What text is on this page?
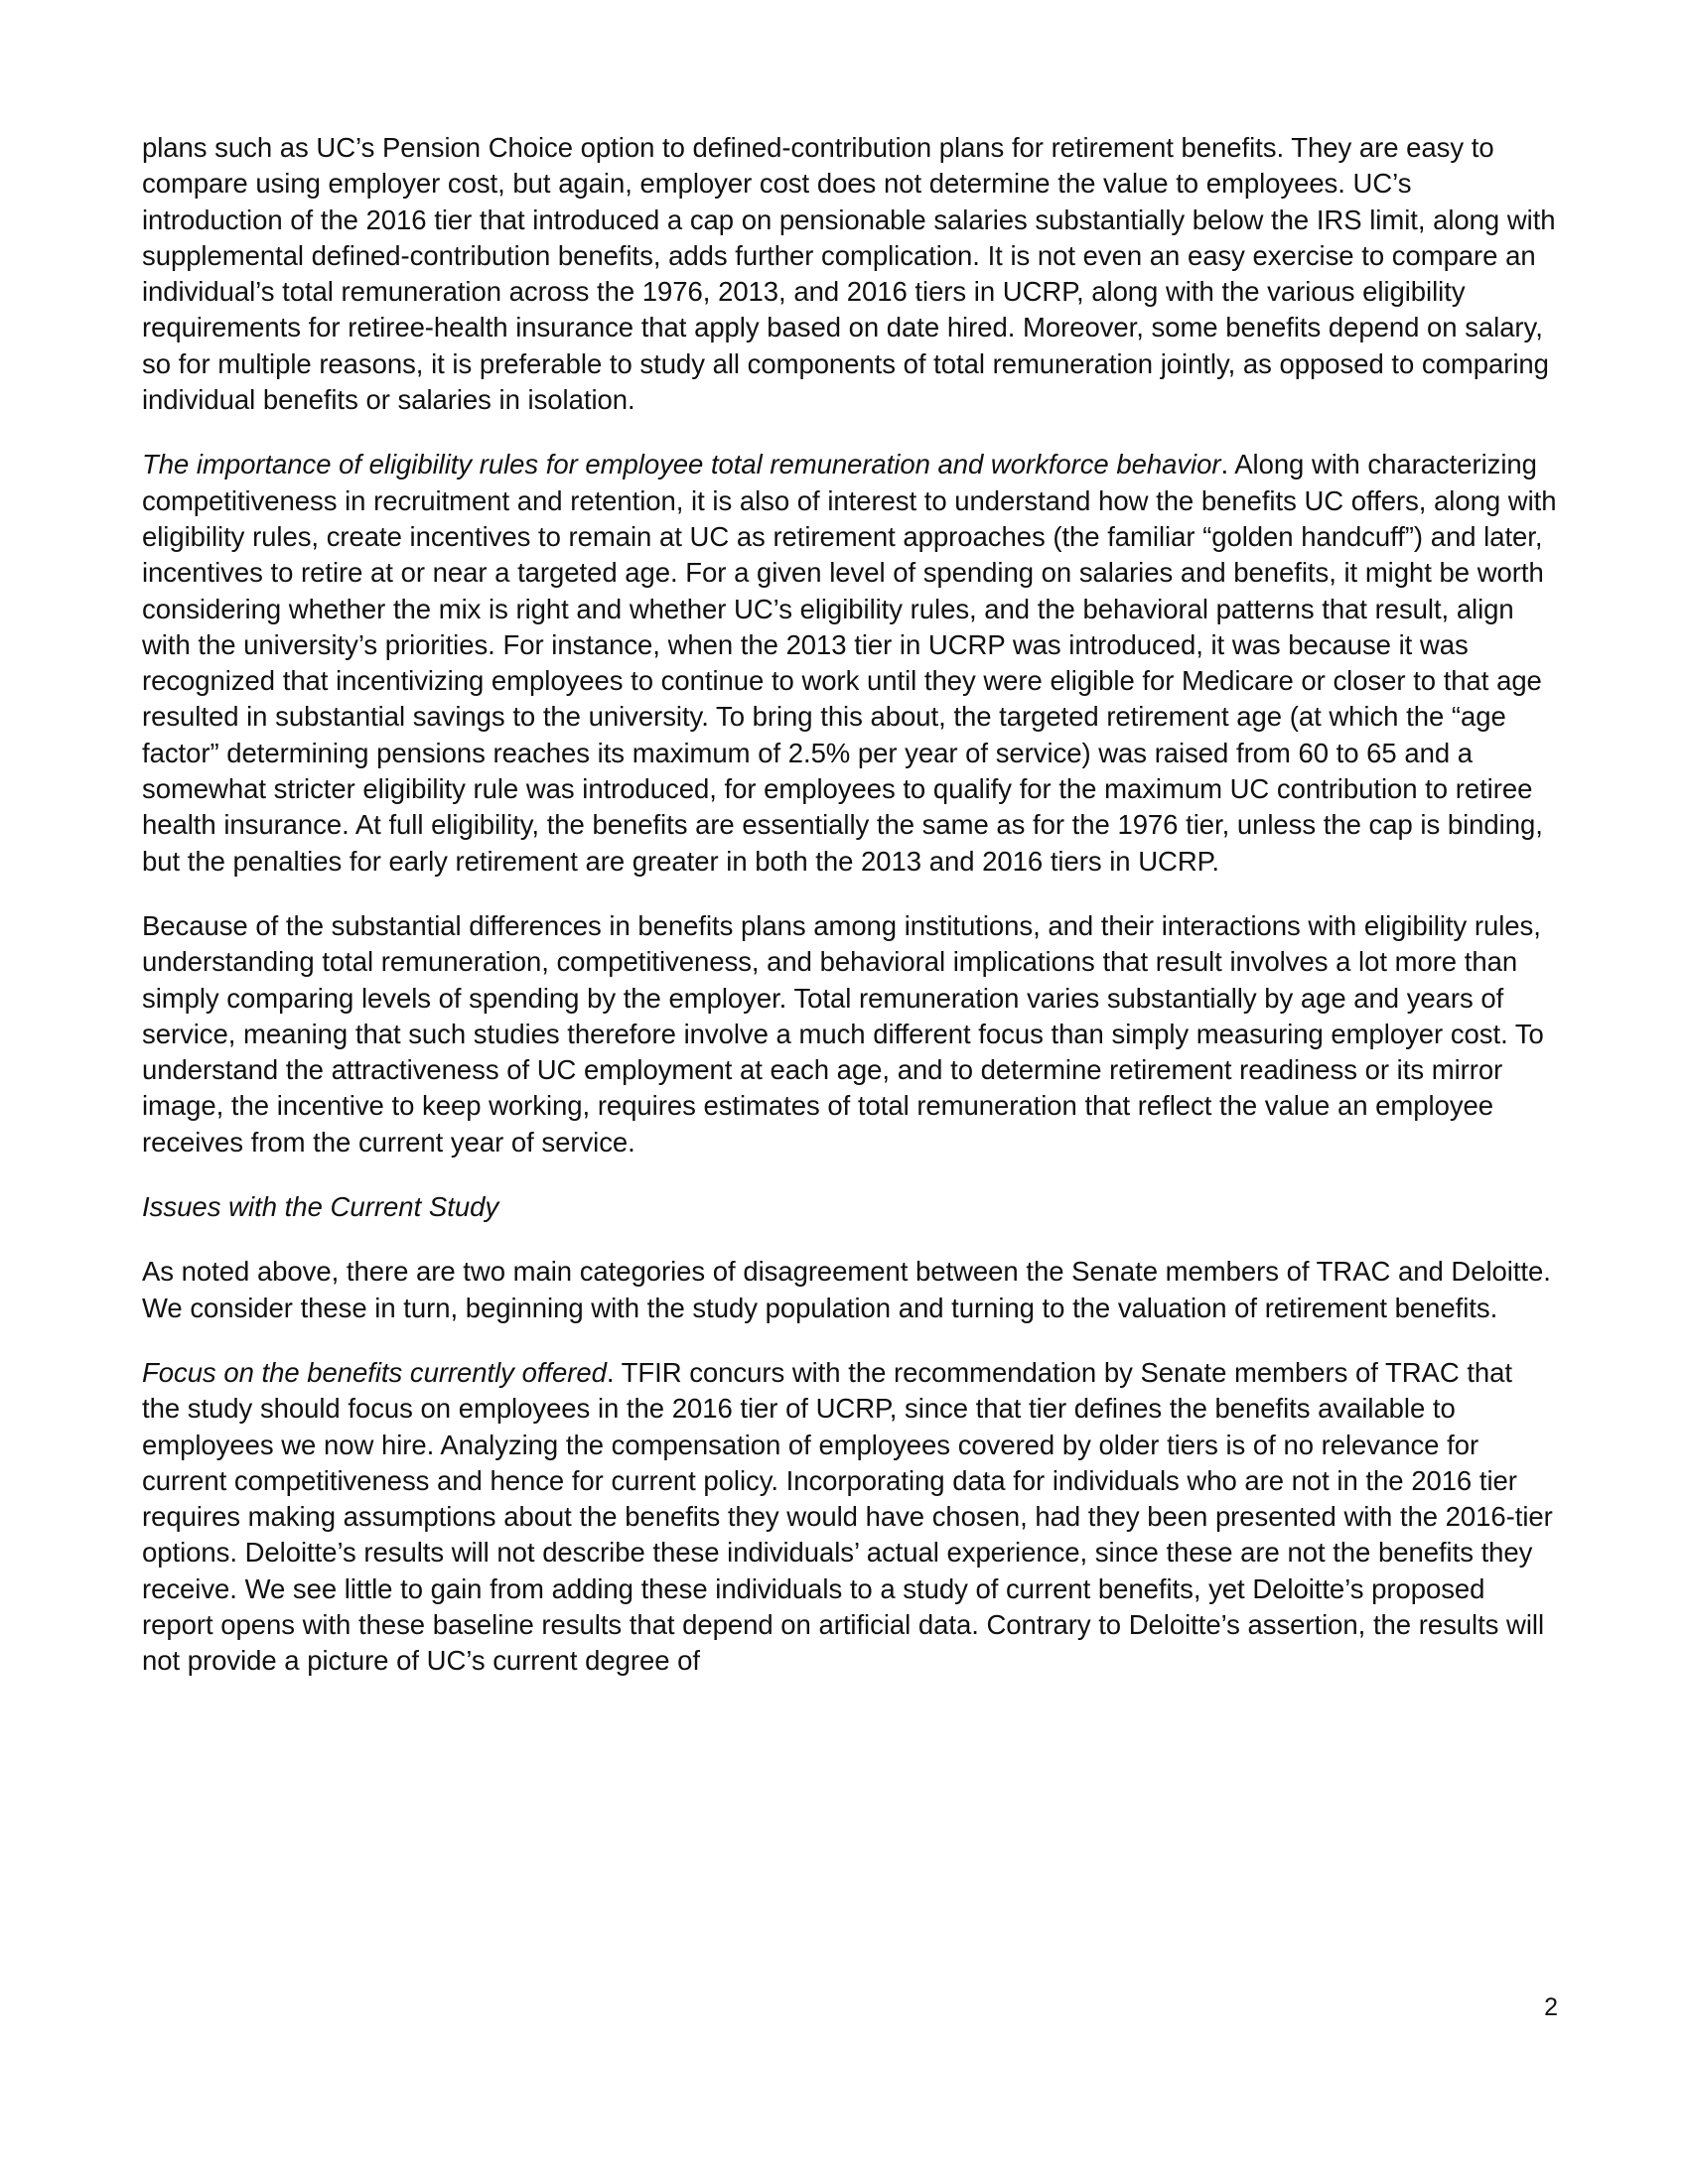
plans such as UC’s Pension Choice option to defined-contribution plans for retirement benefits. They are easy to compare using employer cost, but again, employer cost does not determine the value to employees. UC’s introduction of the 2016 tier that introduced a cap on pensionable salaries substantially below the IRS limit, along with supplemental defined-contribution benefits, adds further complication. It is not even an easy exercise to compare an individual’s total remuneration across the 1976, 2013, and 2016 tiers in UCRP, along with the various eligibility requirements for retiree-health insurance that apply based on date hired. Moreover, some benefits depend on salary, so for multiple reasons, it is preferable to study all components of total remuneration jointly, as opposed to comparing individual benefits or salaries in isolation.

The importance of eligibility rules for employee total remuneration and workforce behavior. Along with characterizing competitiveness in recruitment and retention, it is also of interest to understand how the benefits UC offers, along with eligibility rules, create incentives to remain at UC as retirement approaches (the familiar “golden handcuff”) and later, incentives to retire at or near a targeted age. For a given level of spending on salaries and benefits, it might be worth considering whether the mix is right and whether UC’s eligibility rules, and the behavioral patterns that result, align with the university’s priorities. For instance, when the 2013 tier in UCRP was introduced, it was because it was recognized that incentivizing employees to continue to work until they were eligible for Medicare or closer to that age resulted in substantial savings to the university. To bring this about, the targeted retirement age (at which the “age factor” determining pensions reaches its maximum of 2.5% per year of service) was raised from 60 to 65 and a somewhat stricter eligibility rule was introduced, for employees to qualify for the maximum UC contribution to retiree health insurance. At full eligibility, the benefits are essentially the same as for the 1976 tier, unless the cap is binding, but the penalties for early retirement are greater in both the 2013 and 2016 tiers in UCRP.

Because of the substantial differences in benefits plans among institutions, and their interactions with eligibility rules, understanding total remuneration, competitiveness, and behavioral implications that result involves a lot more than simply comparing levels of spending by the employer. Total remuneration varies substantially by age and years of service, meaning that such studies therefore involve a much different focus than simply measuring employer cost. To understand the attractiveness of UC employment at each age, and to determine retirement readiness or its mirror image, the incentive to keep working, requires estimates of total remuneration that reflect the value an employee receives from the current year of service.

Issues with the Current Study

As noted above, there are two main categories of disagreement between the Senate members of TRAC and Deloitte. We consider these in turn, beginning with the study population and turning to the valuation of retirement benefits.

Focus on the benefits currently offered. TFIR concurs with the recommendation by Senate members of TRAC that the study should focus on employees in the 2016 tier of UCRP, since that tier defines the benefits available to employees we now hire. Analyzing the compensation of employees covered by older tiers is of no relevance for current competitiveness and hence for current policy. Incorporating data for individuals who are not in the 2016 tier requires making assumptions about the benefits they would have chosen, had they been presented with the 2016-tier options. Deloitte’s results will not describe these individuals’ actual experience, since these are not the benefits they receive. We see little to gain from adding these individuals to a study of current benefits, yet Deloitte’s proposed report opens with these baseline results that depend on artificial data. Contrary to Deloitte’s assertion, the results will not provide a picture of UC’s current degree of

2
